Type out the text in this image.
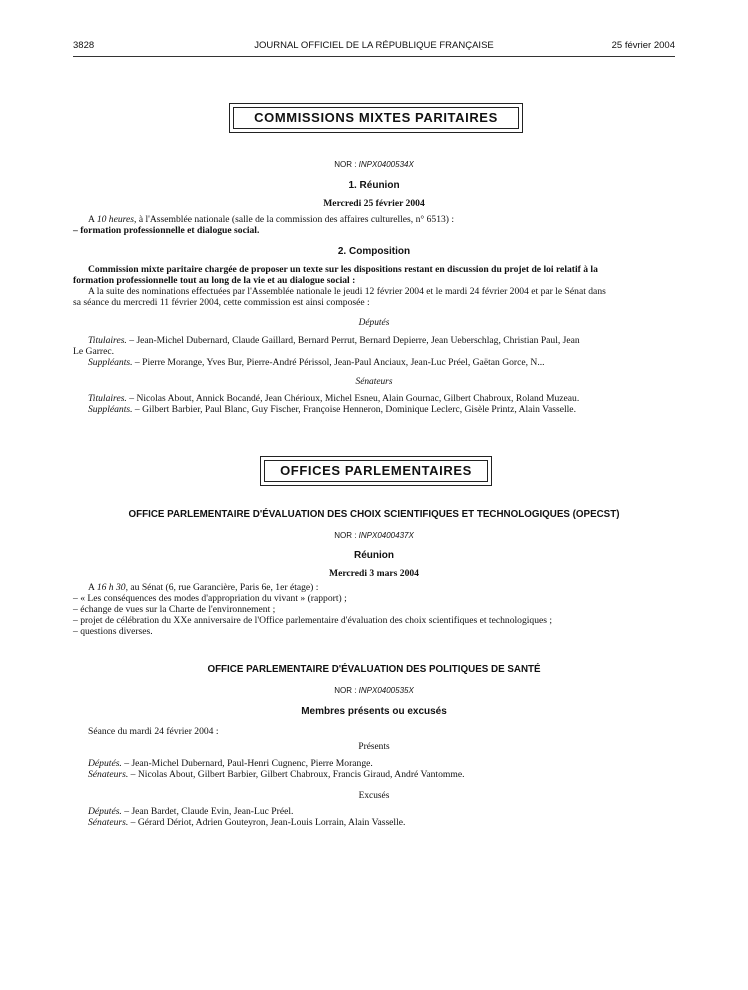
3828	JOURNAL OFFICIEL DE LA RÉPUBLIQUE FRANÇAISE	25 février 2004
COMMISSIONS MIXTES PARITAIRES
NOR : INPX0400534X
1. Réunion
Mercredi 25 février 2004
A 10 heures, à l'Assemblée nationale (salle de la commission des affaires culturelles, n° 6513) :
– formation professionnelle et dialogue social.
2. Composition
Commission mixte paritaire chargée de proposer un texte sur les dispositions restant en discussion du projet de loi relatif à la
formation professionnelle tout au long de la vie et au dialogue social :
A la suite des nominations effectuées par l'Assemblée nationale le jeudi 12 février 2004 et le mardi 24 février 2004 et par le Sénat dans
sa séance du mercredi 11 février 2004, cette commission est ainsi composée :
Députés
Titulaires. – Jean-Michel Dubernard, Claude Gaillard, Bernard Perrut, Bernard Depierre, Jean Ueberschlag, Christian Paul, Jean
Le Garrec.
Suppléants. – Pierre Morange, Yves Bur, Pierre-André Périssol, Jean-Paul Anciaux, Jean-Luc Préel, Gaëtan Gorce, N...
Sénateurs
Titulaires. – Nicolas About, Annick Bocandé, Jean Chérioux, Michel Esneu, Alain Gournac, Gilbert Chabroux, Roland Muzeau.
Suppléants. – Gilbert Barbier, Paul Blanc, Guy Fischer, Françoise Henneron, Dominique Leclerc, Gisèle Printz, Alain Vasselle.
OFFICES PARLEMENTAIRES
OFFICE PARLEMENTAIRE D'ÉVALUATION DES CHOIX SCIENTIFIQUES ET TECHNOLOGIQUES (OPECST)
NOR : INPX0400437X
Réunion
Mercredi 3 mars 2004
A 16 h 30, au Sénat (6, rue Garancière, Paris 6e, 1er étage) :
– « Les conséquences des modes d'appropriation du vivant » (rapport) ;
– échange de vues sur la Charte de l'environnement ;
– projet de célébration du XXe anniversaire de l'Office parlementaire d'évaluation des choix scientifiques et technologiques ;
– questions diverses.
OFFICE PARLEMENTAIRE D'ÉVALUATION DES POLITIQUES DE SANTÉ
NOR : INPX0400535X
Membres présents ou excusés
Séance du mardi 24 février 2004 :
Présents
Députés. – Jean-Michel Dubernard, Paul-Henri Cugnenc, Pierre Morange.
Sénateurs. – Nicolas About, Gilbert Barbier, Gilbert Chabroux, Francis Giraud, André Vantomme.
Excusés
Députés. – Jean Bardet, Claude Evin, Jean-Luc Préel.
Sénateurs. – Gérard Dériot, Adrien Gouteyron, Jean-Louis Lorrain, Alain Vasselle.
